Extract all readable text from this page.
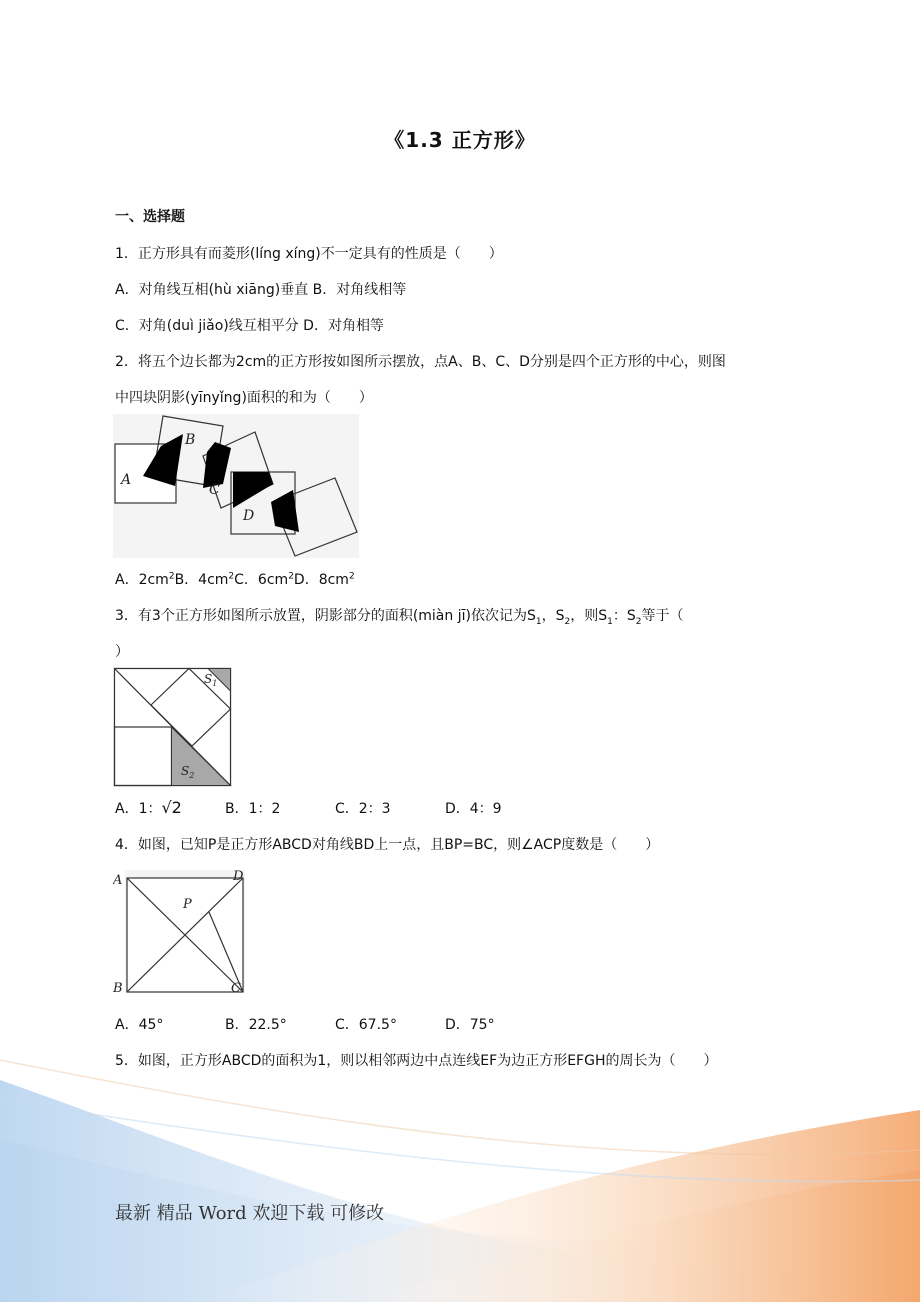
《1.3 正方形》
一、选择题
1．正方形具有而菱形(líng xíng)不一定具有的性质是（　　）
A．对角线互相(hù xiāng)垂直 B．对角线相等
C．对角(duì jiǎo)线互相平分 D．对角相等
2．将五个边长都为2cm的正方形按如图所示摆放，点A、B、C、D分别是四个正方形的中心，则图
中四块阴影(yīnyǐng)面积的和为（　　）
A
B
C
D
A．$2cm^2B$．$4cm^2C$．$6cm^2D$．$8cm^2$
3．有3个正方形如图所示放置，阴影部分的面积(miàn jī)依次记为$S_1$，$S_2$，则$S_1$：$S_2$等于（
）
$S_1$
$S_2$
A．1：√2	B．1：2	C．2：3	D．4：9
4．如图，已知P是正方形ABCD对角线BD上一点，且BP=BC，则∠ACP度数是（　　）
A	D
P
B	C
A．45°	B．22.5°	C．67.5°	D．75°
5．如图，正方形ABCD的面积为1，则以相邻两边中点连线EF为边正方形EFGH的周长为（　　）
最新 精品 Word 欢迎下载 可修改
